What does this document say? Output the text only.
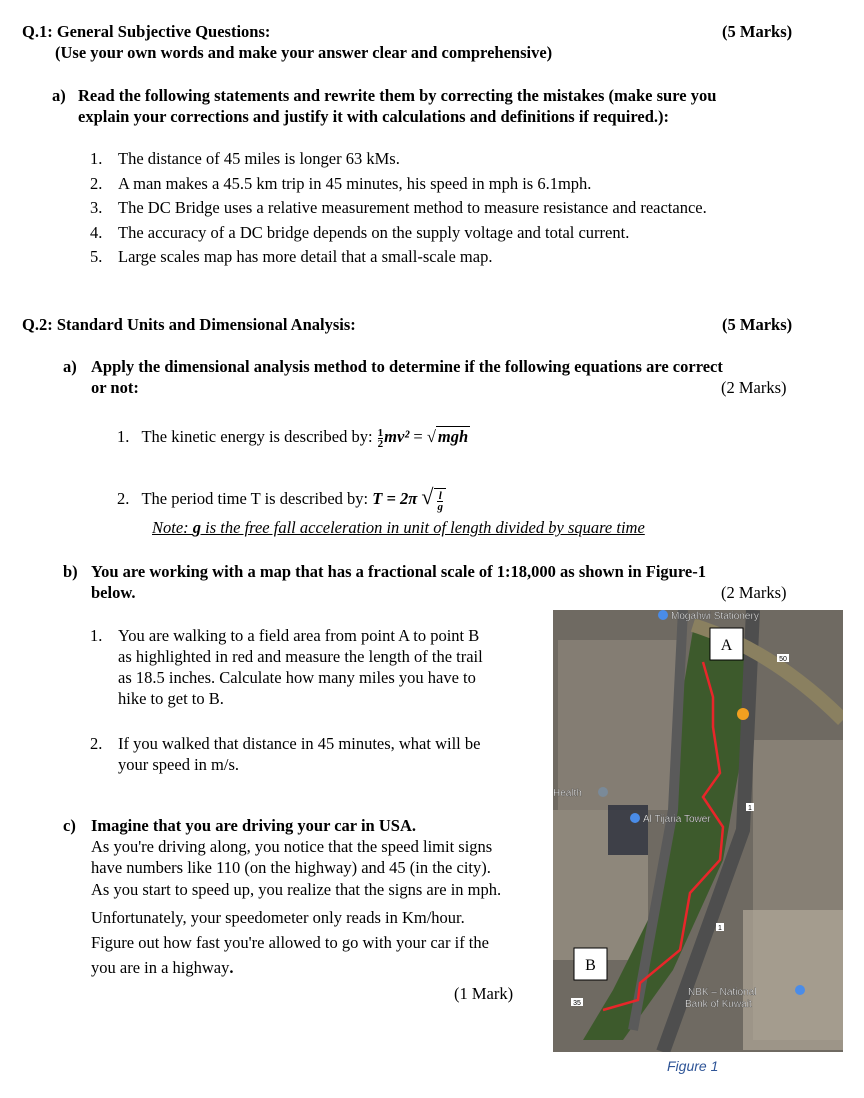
Q.1: General Subjective Questions:	(5 Marks)
(Use your own words and make your answer clear and comprehensive)
a) Read the following statements and rewrite them by correcting the mistakes (make sure you
explain your corrections and justify it with calculations and definitions if required.):
1. The distance of 45 miles is longer 63 kMs.
2. A man makes a 45.5 km trip in 45 minutes, his speed in mph is 6.1mph.
3. The DC Bridge uses a relative measurement method to measure resistance and reactance.
4. The accuracy of a DC bridge depends on the supply voltage and total current.
5. Large scales map has more detail that a small-scale map.
Q.2: Standard Units and Dimensional Analysis:	(5 Marks)
a) Apply the dimensional analysis method to determine if the following equations are correct
or not:	(2 Marks)
1. The kinetic energy is described by: $\frac{1}{2} mv^2$ = √ mgh
2. The period time T is described by: T = 2π √ $\frac{l}{g}$
Note: g is the free fall acceleration in unit of length divided by square time
b) You are working with a map that has a fractional scale of 1:18,000 as shown in Figure-1
below.	(2 Marks)
1. You are walking to a field area from point A to point B
as highlighted in red and measure the length of the trail
as 18.5 inches. Calculate how many miles you have to
hike to get to B.
2. If you walked that distance in 45 minutes, what will be
your speed in m/s.
c) Imagine that you are driving your car in USA.
As you're driving along, you notice that the speed limit signs
have numbers like 110 (on the highway) and 45 (in the city).
As you start to speed up, you realize that the signs are in mph.
Unfortunately, your speedometer only reads in Km/hour.
Figure out how fast you're allowed to go with your car if the
you are in a highway.
(1 Mark)
A
B
Mogahwi Stationery
Al Tijaria Tower
Health
NBK – National
Bank of Kuwait
50
1
1
35
Figure 1
